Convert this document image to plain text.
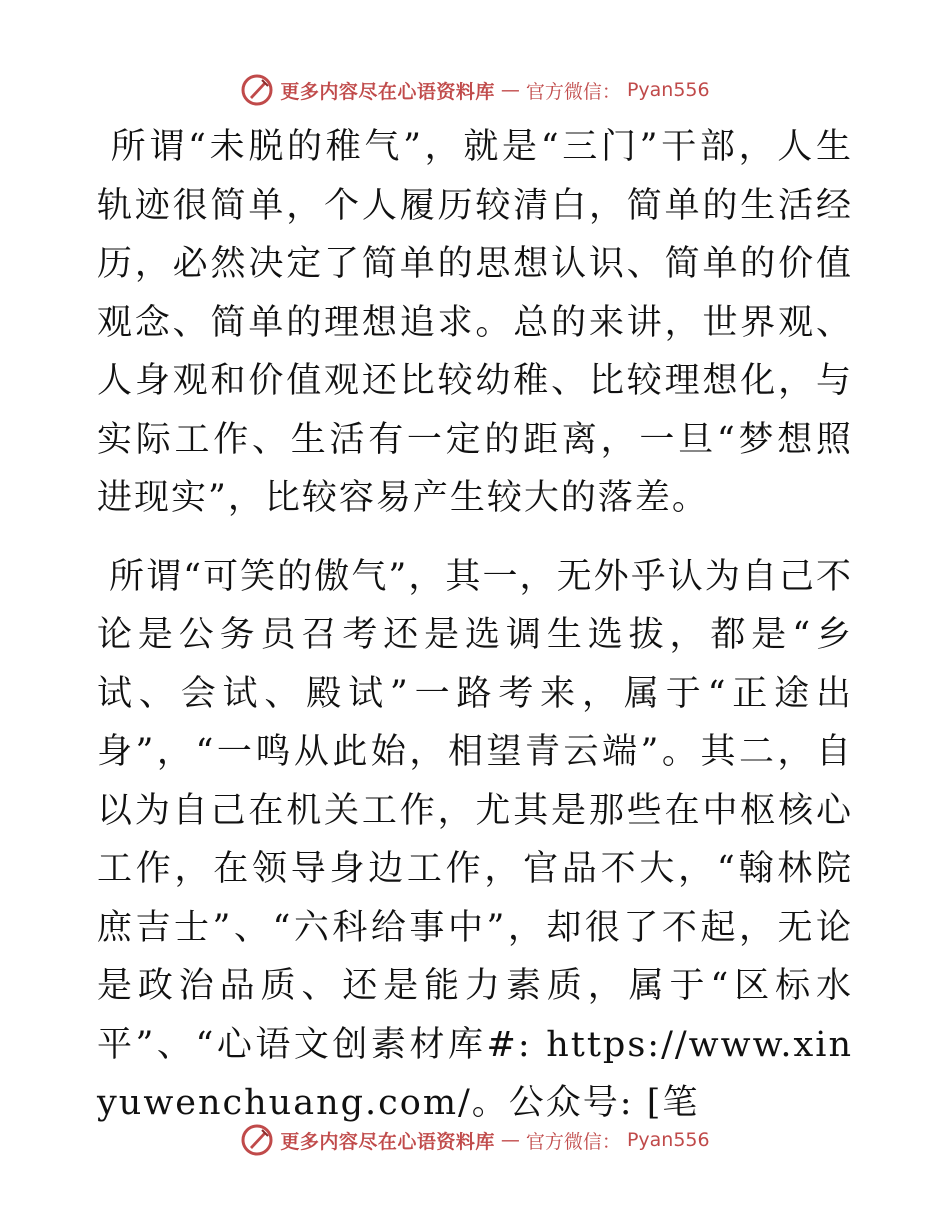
更多内容尽在心语资料库 — 官方微信： Pyan556

所谓“未脱的稚气”，就是“三门”干部，人生轨迹很简单，个人履历较清白，简单的生活经历，必然决定了简单的思想认识、简单的价值观念、简单的理想追求。总的来讲，世界观、人身观和价值观还比较幼稚、比较理想化，与实际工作、生活有一定的距离，一旦“梦想照进现实”，比较容易产生较大的落差。

所谓“可笑的傲气”，其一，无外乎认为自己不论是公务员召考还是选调生选拔，都是“乡试、会试、殿试”一路考来，属于“正途出身”，“一鸣从此始，相望青云端”。其二，自以为自己在机关工作，尤其是那些在中枢核心工作，在领导身边工作，官品不大，“翰林院庶吉士”、“六科给事中”，却很了不起，无论是政治品质、还是能力素质，属于“区标水平”、“心语文创素材库#: https://www.xinyuwenchuang.com/。公众号: [笔

更多内容尽在心语资料库 — 官方微信： Pyan556
